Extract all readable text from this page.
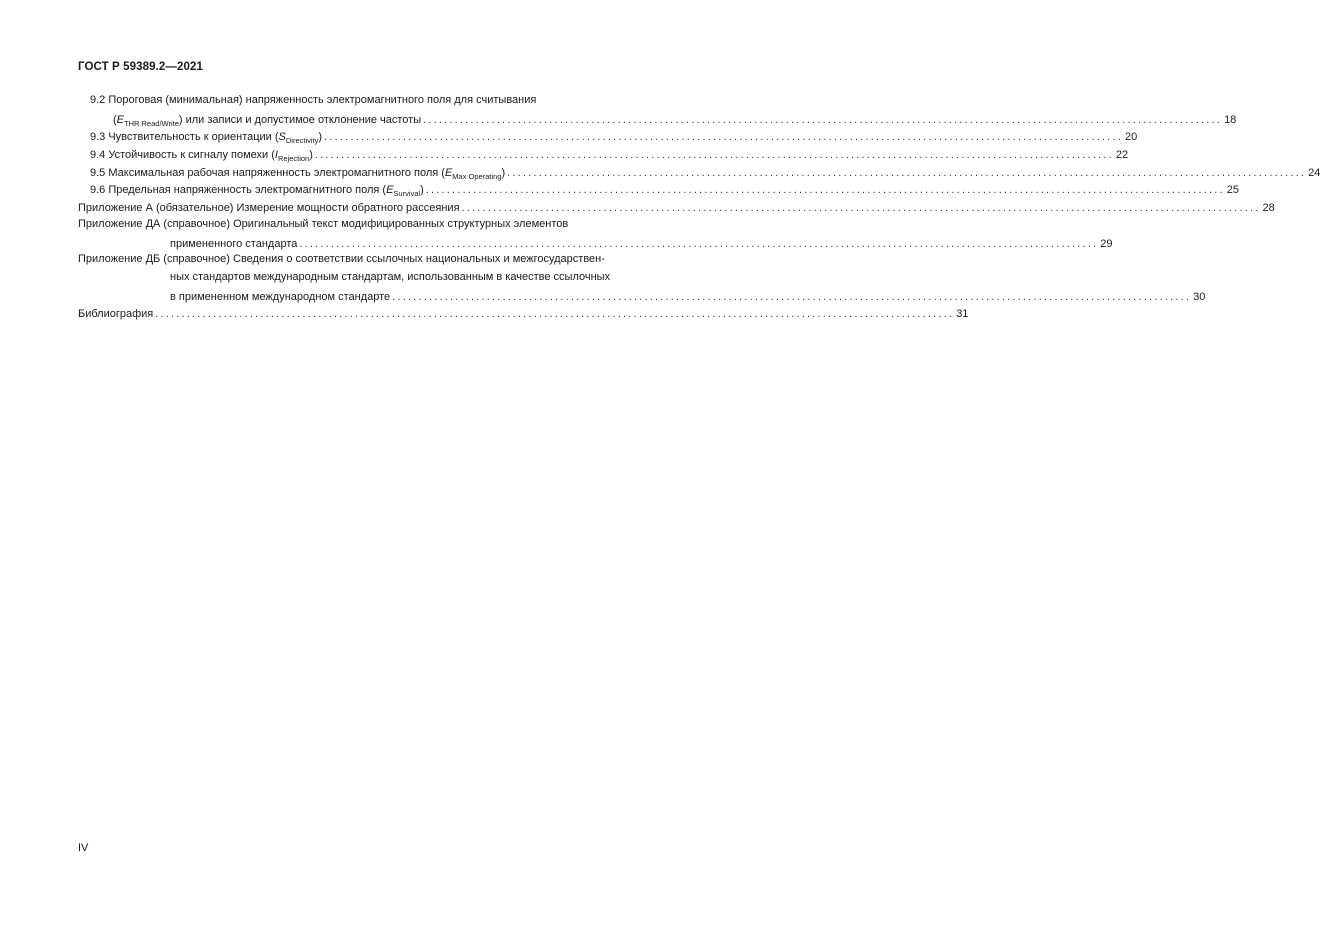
ГОСТ Р 59389.2—2021
9.2 Пороговая (минимальная) напряженность электромагнитного поля для считывания
$(E_{THR Read/Write})$ или записи и допустимое отклонение частоты ........................................................................................................................................................ 18
9.3 Чувствительность к ориентации $(S_{Directivity})$ ........................................................................................................................................................ 20
9.4 Устойчивость к сигналу помехи $(I_{Rejection})$ ........................................................................................................................................................ 22
9.5 Максимальная рабочая напряженность электромагнитного поля $(E_{Max Operating})$ ........................................................................................................................................................ 24
9.6 Предельная напряженность электромагнитного поля $(E_{Survival})$ ........................................................................................................................................................ 25
Приложение А (обязательное) Измерение мощности обратного рассеяния ........................................................................................................................................................ 28
Приложение ДА (справочное) Оригинальный текст модифицированных структурных элементов
примененного стандарта ........................................................................................................................................................ 29
Приложение ДБ (справочное) Сведения о соответствии ссылочных национальных и межгосударствен-
ных стандартов международным стандартам, использованным в качестве ссылочных
в примененном международном стандарте ........................................................................................................................................................ 30
Библиография ........................................................................................................................................................ 31
IV
